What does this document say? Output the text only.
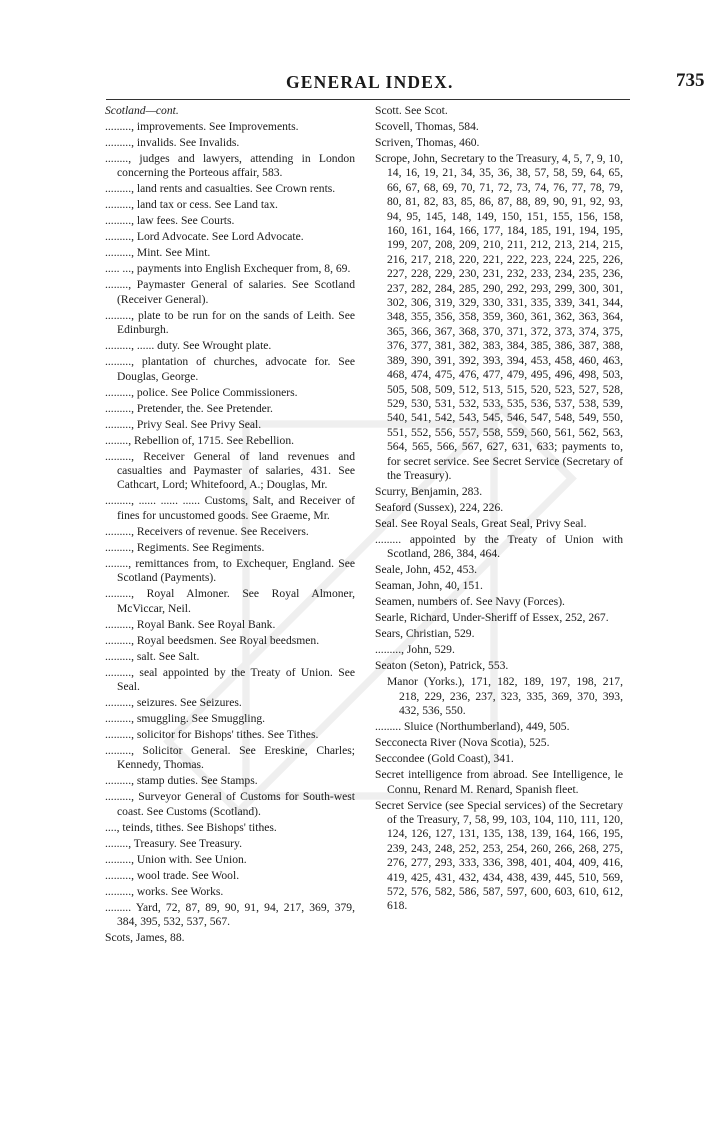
GENERAL INDEX.	735

Scotland—cont.

........., improvements. See Improvements.

........., invalids. See Invalids.

........, judges and lawyers, attending in London concerning the Porteous affair, 583.

........., land rents and casualties. See Crown rents.

........., land tax or cess. See Land tax.

........., law fees. See Courts.

........., Lord Advocate. See Lord Advocate.

........., Mint. See Mint.

..... ..., payments into English Exchequer from, 8, 69.

........, Paymaster General of salaries. See Scotland (Receiver General).

........., plate to be run for on the sands of Leith. See Edinburgh.

........., ...... duty. See Wrought plate.

........., plantation of churches, advocate for. See Douglas, George.

........., police. See Police Commissioners.

........., Pretender, the. See Pretender.

........., Privy Seal. See Privy Seal.

........, Rebellion of, 1715. See Rebellion.

........., Receiver General of land revenues and casualties and Paymaster of salaries, 431. See Cathcart, Lord; Whitefoord, A.; Douglas, Mr.

........., ...... ...... ...... Customs, Salt, and Receiver of fines for uncustomed goods. See Graeme, Mr.

........., Receivers of revenue. See Receivers.

........., Regiments. See Regiments.

........, remittances from, to Exchequer, England. See Scotland (Payments).

........., Royal Almoner. See Royal Almoner, McViccar, Neil.

........., Royal Bank. See Royal Bank.

........., Royal beedsmen. See Royal beedsmen.

........., salt. See Salt.

........., seal appointed by the Treaty of Union. See Seal.

........., seizures. See Seizures.

........., smuggling. See Smuggling.

........., solicitor for Bishops' tithes. See Tithes.

........., Solicitor General. See Ereskine, Charles; Kennedy, Thomas.

........., stamp duties. See Stamps.

........., Surveyor General of Customs for South-west coast. See Customs (Scotland).

...., teinds, tithes. See Bishops' tithes.

........, Treasury. See Treasury.

........., Union with. See Union.

........., wool trade. See Wool.

........., works. See Works.

......... Yard, 72, 87, 89, 90, 91, 94, 217, 369, 379, 384, 395, 532, 537, 567.

Scots, James, 88.

Scott. See Scot.

Scovell, Thomas, 584.

Scriven, Thomas, 460.

Scrope, John, Secretary to the Treasury, 4, 5, 7, 9, 10, 14, 16, 19, 21, 34, 35, 36, 38, 57, 58, 59, 64, 65, 66, 67, 68, 69, 70, 71, 72, 73, 74, 76, 77, 78, 79, 80, 81, 82, 83, 85, 86, 87, 88, 89, 90, 91, 92, 93, 94, 95, 145, 148, 149, 150, 151, 155, 156, 158, 160, 161, 164, 166, 177, 184, 185, 191, 194, 195, 199, 207, 208, 209, 210, 211, 212, 213, 214, 215, 216, 217, 218, 220, 221, 222, 223, 224, 225, 226, 227, 228, 229, 230, 231, 232, 233, 234, 235, 236, 237, 282, 284, 285, 290, 292, 293, 299, 300, 301, 302, 306, 319, 329, 330, 331, 335, 339, 341, 344, 348, 355, 356, 358, 359, 360, 361, 362, 363, 364, 365, 366, 367, 368, 370, 371, 372, 373, 374, 375, 376, 377, 381, 382, 383, 384, 385, 386, 387, 388, 389, 390, 391, 392, 393, 394, 453, 458, 460, 463, 468, 474, 475, 476, 477, 479, 495, 496, 498, 503, 505, 508, 509, 512, 513, 515, 520, 523, 527, 528, 529, 530, 531, 532, 533, 535, 536, 537, 538, 539, 540, 541, 542, 543, 545, 546, 547, 548, 549, 550, 551, 552, 556, 557, 558, 559, 560, 561, 562, 563, 564, 565, 566, 567, 627, 631, 633; payments to, for secret service. See Secret Service (Secretary of the Treasury).

Scurry, Benjamin, 283.

Seaford (Sussex), 224, 226.

Seal. See Royal Seals, Great Seal, Privy Seal.

......... appointed by the Treaty of Union with Scotland, 286, 384, 464.

Seale, John, 452, 453.

Seaman, John, 40, 151.

Seamen, numbers of. See Navy (Forces).

Searle, Richard, Under-Sheriff of Essex, 252, 267.

Sears, Christian, 529.

........., John, 529.

Seaton (Seton), Patrick, 553.

Manor (Yorks.), 171, 182, 189, 197, 198, 217, 218, 229, 236, 237, 323, 335, 369, 370, 393, 432, 536, 550.

......... Sluice (Northumberland), 449, 505.

Secconecta River (Nova Scotia), 525.

Seccondee (Gold Coast), 341.

Secret intelligence from abroad. See Intelligence, le Connu, Renard M. Renard, Spanish fleet.

Secret Service (see Special services) of the Secretary of the Treasury, 7, 58, 99, 103, 104, 110, 111, 120, 124, 126, 127, 131, 135, 138, 139, 164, 166, 195, 239, 243, 248, 252, 253, 254, 260, 266, 268, 275, 276, 277, 293, 333, 336, 398, 401, 404, 409, 416, 419, 425, 431, 432, 434, 438, 439, 445, 510, 569, 572, 576, 582, 586, 587, 597, 600, 603, 610, 612, 618.
